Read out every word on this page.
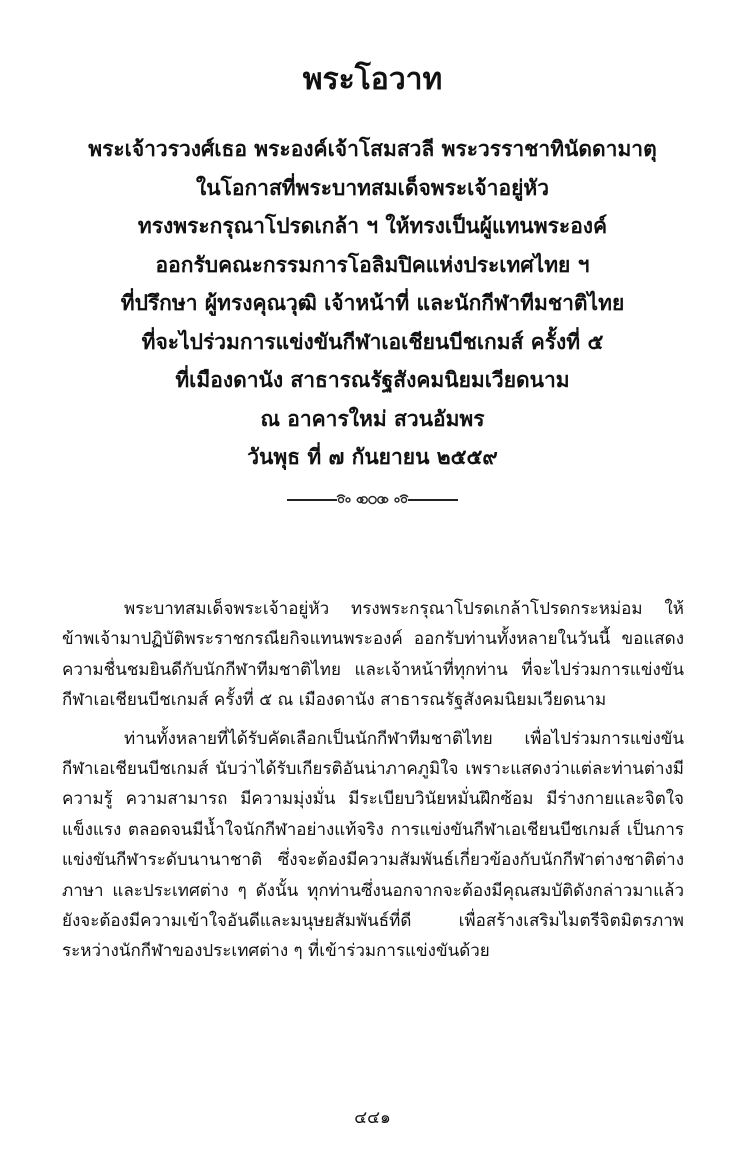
พระโอวาท
พระเจ้าวรวงศ์เธอ พระองค์เจ้าโสมสวลี พระวรราชาทินัดดามาตุ
ในโอกาสที่พระบาทสมเด็จพระเจ้าอยู่หัว
ทรงพระกรุณาโปรดเกล้า ฯ ให้ทรงเป็นผู้แทนพระองค์
ออกรับคณะกรรมการโอลิมปิคแห่งประเทศไทย ฯ
ที่ปรึกษา ผู้ทรงคุณวุฒิ เจ้าหน้าที่ และนักกีฬาทีมชาติไทย
ที่จะไปร่วมการแข่งขันกีฬาเอเชียนบีชเกมส์ ครั้งที่ ๕
ที่เมืองดานัง สาธารณรัฐสังคมนิยมเวียดนาม
ณ อาคารใหม่ สวนอัมพร
วันพุธ ที่ ๗ กันยายน ๒๕๕๙

พระบาทสมเด็จพระเจ้าอยู่หัว ทรงพระกรุณาโปรดเกล้าโปรดกระหม่อม ให้ข้าพเจ้ามาปฏิบัติพระราชกรณียกิจแทนพระองค์ ออกรับท่านทั้งหลายในวันนี้ ขอแสดงความชื่นชมยินดีกับนักกีฬาทีมชาติไทย และเจ้าหน้าที่ทุกท่าน ที่จะไปร่วมการแข่งขันกีฬาเอเชียนบีชเกมส์ ครั้งที่ ๕ ณ เมืองดานัง สาธารณรัฐสังคมนิยมเวียดนาม

ท่านทั้งหลายที่ได้รับคัดเลือกเป็นนักกีฬาทีมชาติไทย เพื่อไปร่วมการแข่งขันกีฬาเอเชียนบีชเกมส์ นับว่าได้รับเกียรติอันน่าภาคภูมิใจ เพราะแสดงว่าแต่ละท่านต่างมีความรู้ ความสามารถ มีความมุ่งมั่น มีระเบียบวินัยหมั่นฝึกซ้อม มีร่างกายและจิตใจแข็งแรง ตลอดจนมีน้ำใจนักกีฬาอย่างแท้จริง การแข่งขันกีฬาเอเชียนบีชเกมส์ เป็นการแข่งขันกีฬาระดับนานาชาติ ซึ่งจะต้องมีความสัมพันธ์เกี่ยวข้องกับนักกีฬาต่างชาติต่างภาษา และประเทศต่าง ๆ ดังนั้น ทุกท่านซึ่งนอกจากจะต้องมีคุณสมบัติดังกล่าวมาแล้ว ยังจะต้องมีความเข้าใจอันดีและมนุษยสัมพันธ์ที่ดี เพื่อสร้างเสริมไมตรีจิตมิตรภาพ ระหว่างนักกีฬาของประเทศต่าง ๆ ที่เข้าร่วมการแข่งขันด้วย

๔๔๑
